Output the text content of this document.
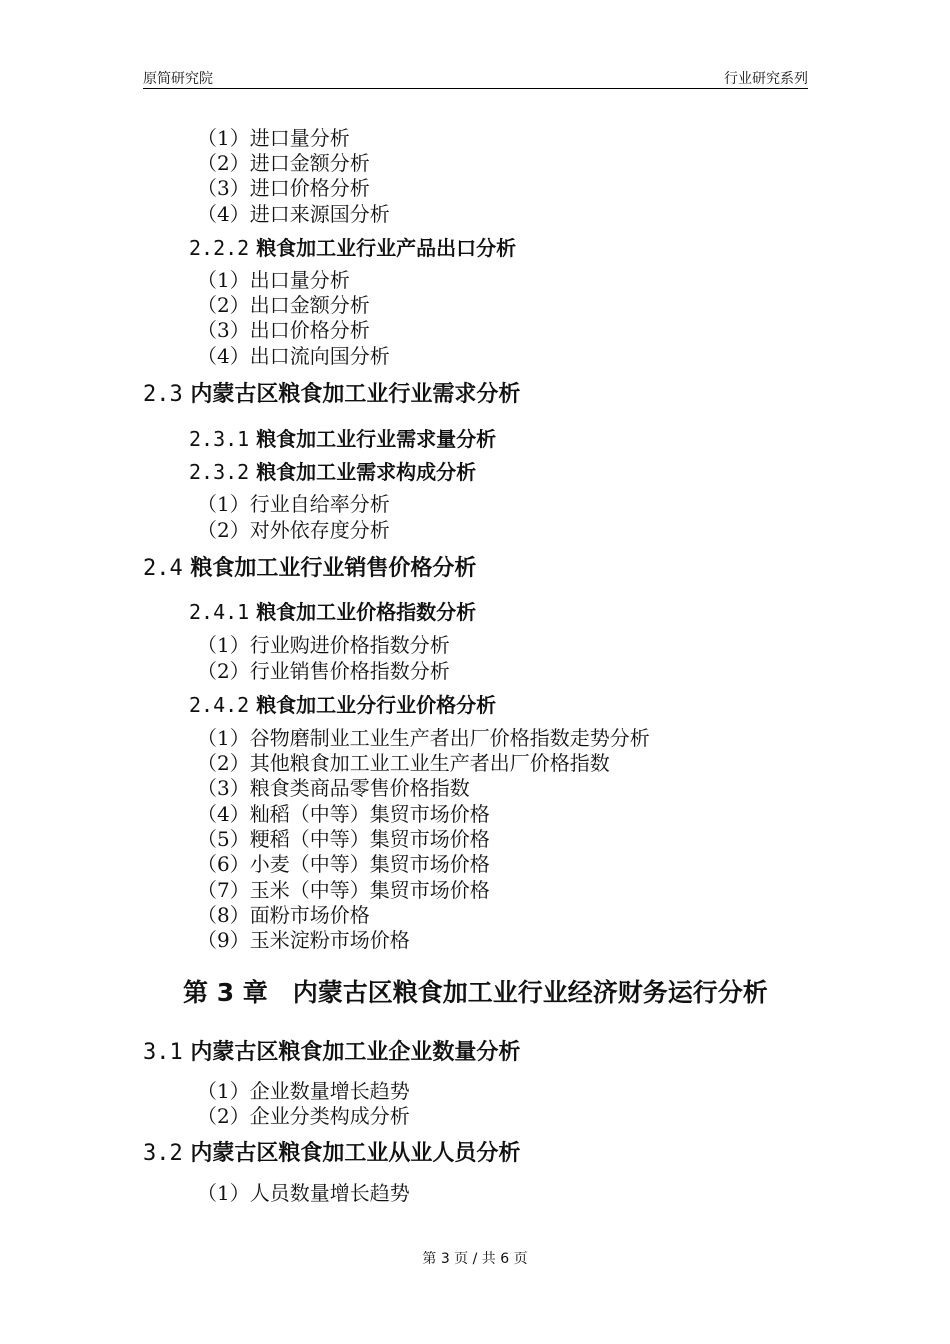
原简研究院	行业研究系列
（1）进口量分析
（2）进口金额分析
（3）进口价格分析
（4）进口来源国分析
2.2.2 粮食加工业行业产品出口分析
（1）出口量分析
（2）出口金额分析
（3）出口价格分析
（4）出口流向国分析
2.3 内蒙古区粮食加工业行业需求分析
2.3.1 粮食加工业行业需求量分析
2.3.2 粮食加工业需求构成分析
（1）行业自给率分析
（2）对外依存度分析
2.4 粮食加工业行业销售价格分析
2.4.1 粮食加工业价格指数分析
（1）行业购进价格指数分析
（2）行业销售价格指数分析
2.4.2 粮食加工业分行业价格分析
（1）谷物磨制业工业生产者出厂价格指数走势分析
（2）其他粮食加工业工业生产者出厂价格指数
（3）粮食类商品零售价格指数
（4）籼稻（中等）集贸市场价格
（5）粳稻（中等）集贸市场价格
（6）小麦（中等）集贸市场价格
（7）玉米（中等）集贸市场价格
（8）面粉市场价格
（9）玉米淀粉市场价格
第 3 章　内蒙古区粮食加工业行业经济财务运行分析
3.1 内蒙古区粮食加工业企业数量分析
（1）企业数量增长趋势
（2）企业分类构成分析
3.2 内蒙古区粮食加工业从业人员分析
（1）人员数量增长趋势
第 3 页 / 共 6 页
